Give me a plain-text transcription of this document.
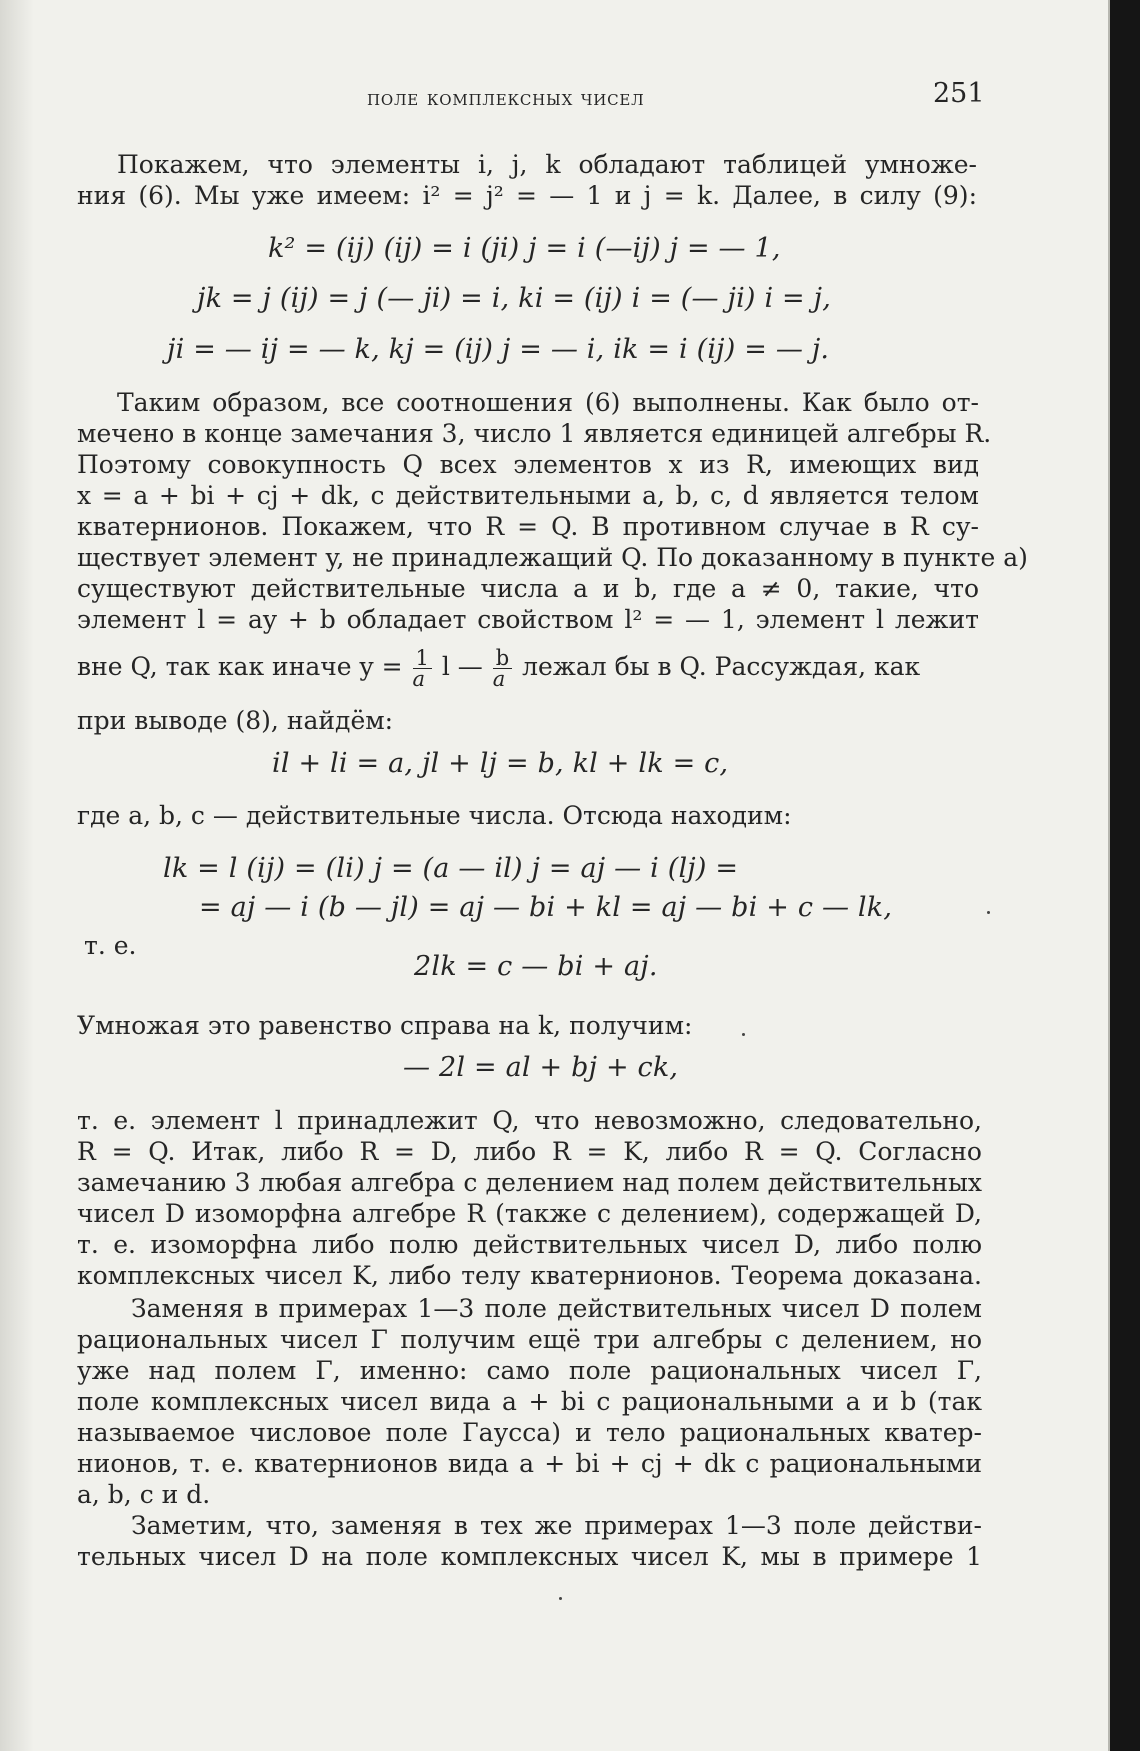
поле комплексных чисел	251
Покажем, что элементы i, j, k обладают таблицей умноже-
ния (6). Мы уже имеем: i² = j² = — 1 и j = k. Далее, в силу (9):
k² = (ij) (ij) = i (ji) j = i (—ij) j = — 1,
jk = j (ij) = j (— ji) = i, ki = (ij) i = (— ji) i = j,
ji = — ij = — k, kj = (ij) j = — i, ik = i (ij) = — j.
Таким образом, все соотношения (6) выполнены. Как было от-
мечено в конце замечания 3, число 1 является единицей алгебры R.
Поэтому совокупность Q всех элементов x из R, имеющих вид
x = a + bi + cj + dk, с действительными a, b, c, d является телом
кватернионов. Покажем, что R = Q. В противном случае в R су-
ществует элемент y, не принадлежащий Q. По доказанному в пункте а)
существуют действительные числа a и b, где a ≠ 0, такие, что
элемент l = ay + b обладает свойством l² = — 1, элемент l лежит
вне Q, так как иначе $y = \frac{1}{a}$ l — $\frac{b}{a}$ лежал бы в Q. Рассуждая, как
при выводе (8), найдём:
il + li = a, jl + lj = b, kl + lk = c,
где a, b, c — действительные числа. Отсюда находим:
lk = l (ij) = (li) j = (a — il) j = aj — i (lj) =
= aj — i (b — jl) = aj — bi + kl = aj — bi + c — lk,
т. е.
2lk = c — bi + aj.
Умножая это равенство справа на k, получим:
— 2l = al + bj + ck,
т. е. элемент l принадлежит Q, что невозможно, следовательно,
R = Q. Итак, либо R = D, либо R = K, либо R = Q. Согласно
замечанию 3 любая алгебра с делением над полем действительных
чисел D изоморфна алгебре R (также с делением), содержащей D,
т. е. изоморфна либо полю действительных чисел D, либо полю
комплексных чисел K, либо телу кватернионов. Теорема доказана.
Заменяя в примерах 1—3 поле действительных чисел D полем
рациональных чисел Γ получим ещё три алгебры с делением, но
уже над полем Γ, именно: само поле рациональных чисел Γ,
поле комплексных чисел вида a + bi с рациональными a и b (так
называемое числовое поле Гаусса) и тело рациональных кватер-
нионов, т. е. кватернионов вида a + bi + cj + dk с рациональными
a, b, c и d.
Заметим, что, заменяя в тех же примерах 1—3 поле действи-
тельных чисел D на поле комплексных чисел K, мы в примере 1
